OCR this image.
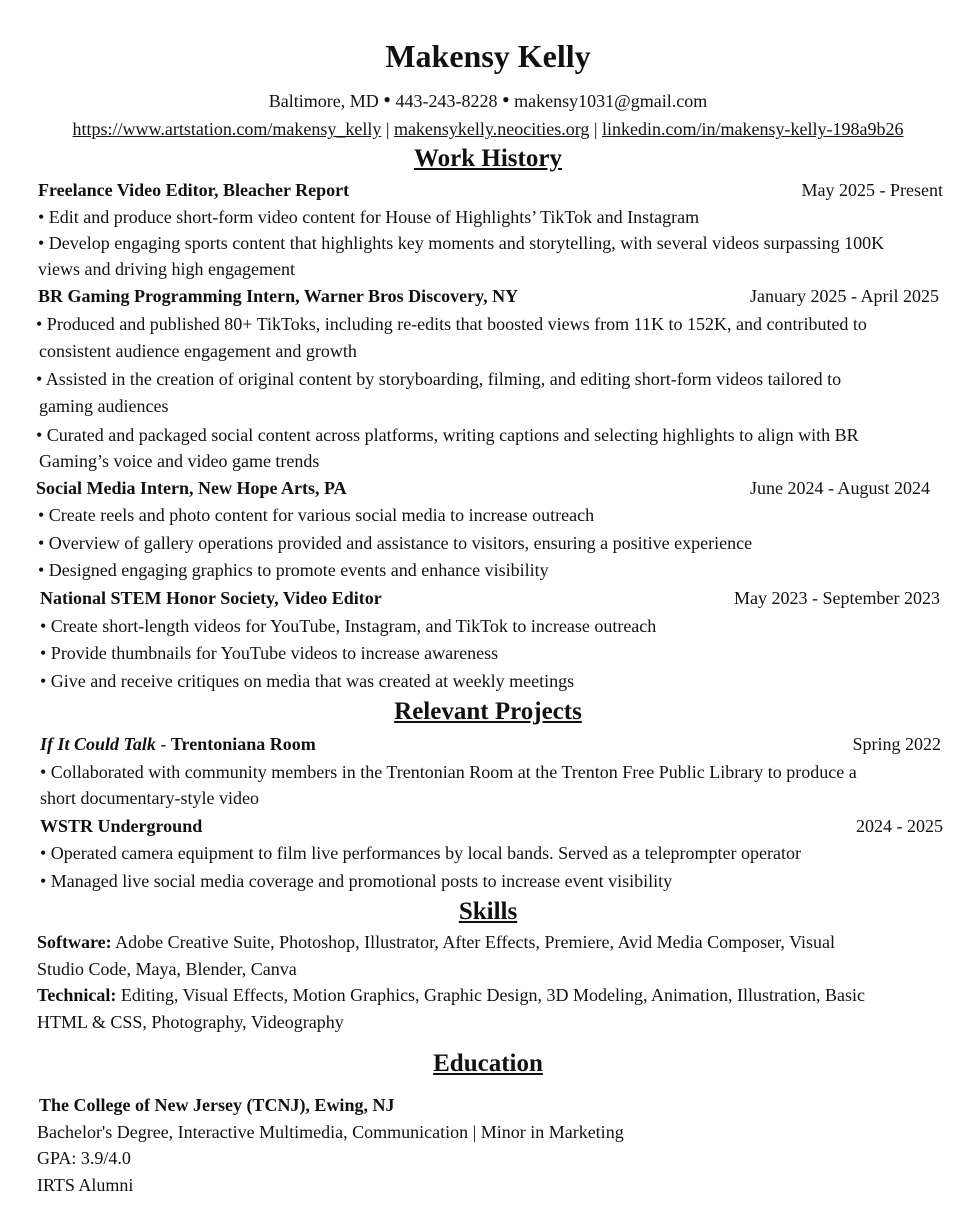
Makensy Kelly
Baltimore, MD • 443-243-8228 • makensy1031@gmail.com
https://www.artstation.com/makensy_kelly | makensykelly.neocities.org | linkedin.com/in/makensy-kelly-198a9b26
Work History
Freelance Video Editor, Bleacher Report	May 2025 - Present
• Edit and produce short-form video content for House of Highlights’ TikTok and Instagram
• Develop engaging sports content that highlights key moments and storytelling, with several videos surpassing 100K
views and driving high engagement
BR Gaming Programming Intern, Warner Bros Discovery, NY	January 2025 - April 2025
• Produced and published 80+ TikToks, including re-edits that boosted views from 11K to 152K, and contributed to
consistent audience engagement and growth
• Assisted in the creation of original content by storyboarding, filming, and editing short-form videos tailored to
gaming audiences
• Curated and packaged social content across platforms, writing captions and selecting highlights to align with BR
Gaming’s voice and video game trends
Social Media Intern, New Hope Arts, PA	June 2024 - August 2024
• Create reels and photo content for various social media to increase outreach
• Overview of gallery operations provided and assistance to visitors, ensuring a positive experience
• Designed engaging graphics to promote events and enhance visibility
National STEM Honor Society, Video Editor	May 2023 - September 2023
• Create short-length videos for YouTube, Instagram, and TikTok to increase outreach
• Provide thumbnails for YouTube videos to increase awareness
• Give and receive critiques on media that was created at weekly meetings
Relevant Projects
If It Could Talk - Trentoniana Room	Spring 2022
• Collaborated with community members in the Trentonian Room at the Trenton Free Public Library to produce a
short documentary-style video
WSTR Underground	2024 - 2025
• Operated camera equipment to film live performances by local bands. Served as a teleprompter operator
• Managed live social media coverage and promotional posts to increase event visibility
Skills
Software: Adobe Creative Suite, Photoshop, Illustrator, After Effects, Premiere, Avid Media Composer, Visual
Studio Code, Maya, Blender, Canva
Technical: Editing, Visual Effects, Motion Graphics, Graphic Design, 3D Modeling, Animation, Illustration, Basic
HTML & CSS, Photography, Videography
Education
The College of New Jersey (TCNJ), Ewing, NJ
Bachelor's Degree, Interactive Multimedia, Communication | Minor in Marketing
GPA: 3.9/4.0
IRTS Alumni
